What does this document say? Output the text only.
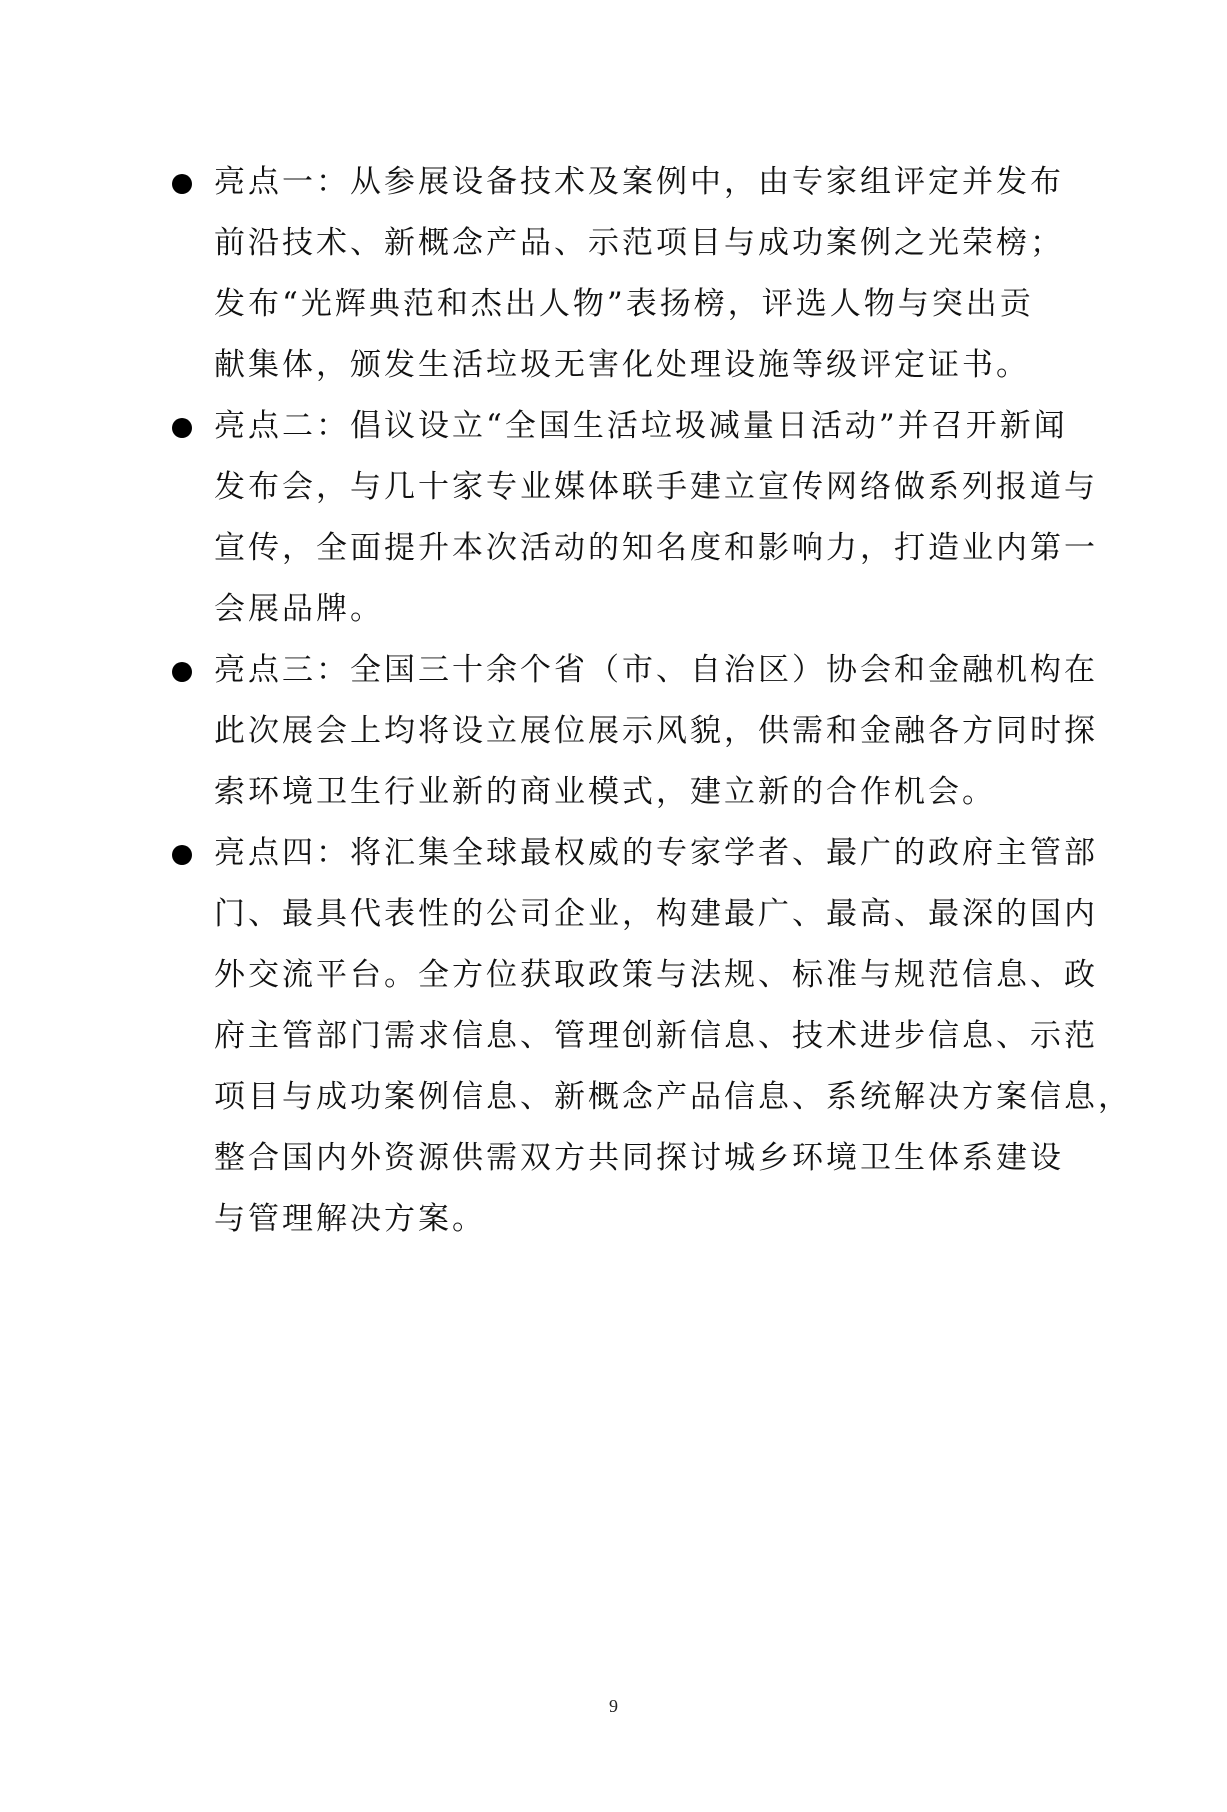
亮点一：从参展设备技术及案例中，由专家组评定并发布
前沿技术、新概念产品、示范项目与成功案例之光荣榜；
发布“光辉典范和杰出人物”表扬榜，评选人物与突出贡
献集体，颁发生活垃圾无害化处理设施等级评定证书。
亮点二：倡议设立“全国生活垃圾减量日活动”并召开新闻
发布会，与几十家专业媒体联手建立宣传网络做系列报道与
宣传，全面提升本次活动的知名度和影响力，打造业内第一
会展品牌。
亮点三：全国三十余个省（市、自治区）协会和金融机构在
此次展会上均将设立展位展示风貌，供需和金融各方同时探
索环境卫生行业新的商业模式，建立新的合作机会。
亮点四：将汇集全球最权威的专家学者、最广的政府主管部
门、最具代表性的公司企业，构建最广、最高、最深的国内
外交流平台。全方位获取政策与法规、标准与规范信息、政
府主管部门需求信息、管理创新信息、技术进步信息、示范
项目与成功案例信息、新概念产品信息、系统解决方案信息，
整合国内外资源供需双方共同探讨城乡环境卫生体系建设
与管理解决方案。
9
